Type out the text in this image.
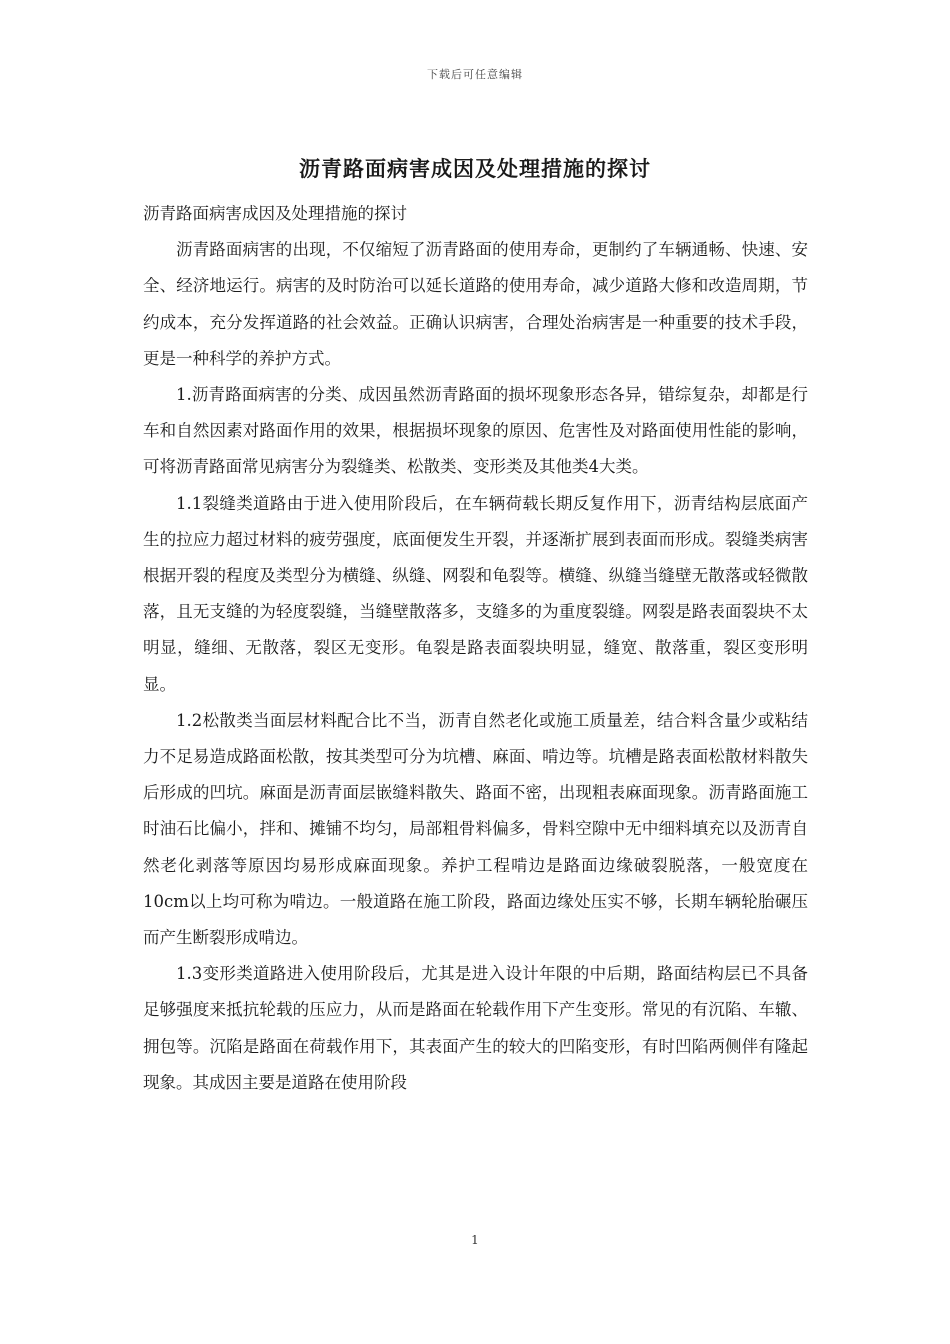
下载后可任意编辑
沥青路面病害成因及处理措施的探讨

沥青路面病害成因及处理措施的探讨

沥青路面病害的出现，不仅缩短了沥青路面的使用寿命，更制约了车辆通畅、快速、安全、经济地运行。病害的及时防治可以延长道路的使用寿命，减少道路大修和改造周期，节约成本，充分发挥道路的社会效益。正确认识病害，合理处治病害是一种重要的技术手段，更是一种科学的养护方式。

1.沥青路面病害的分类、成因虽然沥青路面的损坏现象形态各异，错综复杂，却都是行车和自然因素对路面作用的效果，根据损坏现象的原因、危害性及对路面使用性能的影响，可将沥青路面常见病害分为裂缝类、松散类、变形类及其他类4大类。

1.1裂缝类道路由于进入使用阶段后，在车辆荷载长期反复作用下，沥青结构层底面产生的拉应力超过材料的疲劳强度，底面便发生开裂，并逐渐扩展到表面而形成。裂缝类病害根据开裂的程度及类型分为横缝、纵缝、网裂和龟裂等。横缝、纵缝当缝壁无散落或轻微散落，且无支缝的为轻度裂缝，当缝壁散落多，支缝多的为重度裂缝。网裂是路表面裂块不太明显，缝细、无散落，裂区无变形。龟裂是路表面裂块明显，缝宽、散落重，裂区变形明显。

1.2松散类当面层材料配合比不当，沥青自然老化或施工质量差，结合料含量少或粘结力不足易造成路面松散，按其类型可分为坑槽、麻面、啃边等。坑槽是路表面松散材料散失后形成的凹坑。麻面是沥青面层嵌缝料散失、路面不密，出现粗表麻面现象。沥青路面施工时油石比偏小，拌和、摊铺不均匀，局部粗骨料偏多，骨料空隙中无中细料填充以及沥青自然老化剥落等原因均易形成麻面现象。养护工程啃边是路面边缘破裂脱落，一般宽度在10cm以上均可称为啃边。一般道路在施工阶段，路面边缘处压实不够，长期车辆轮胎碾压而产生断裂形成啃边。

1.3变形类道路进入使用阶段后，尤其是进入设计年限的中后期，路面结构层已不具备足够强度来抵抗轮载的压应力，从而是路面在轮载作用下产生变形。常见的有沉陷、车辙、拥包等。沉陷是路面在荷载作用下，其表面产生的较大的凹陷变形，有时凹陷两侧伴有隆起现象。其成因主要是道路在使用阶段

1
